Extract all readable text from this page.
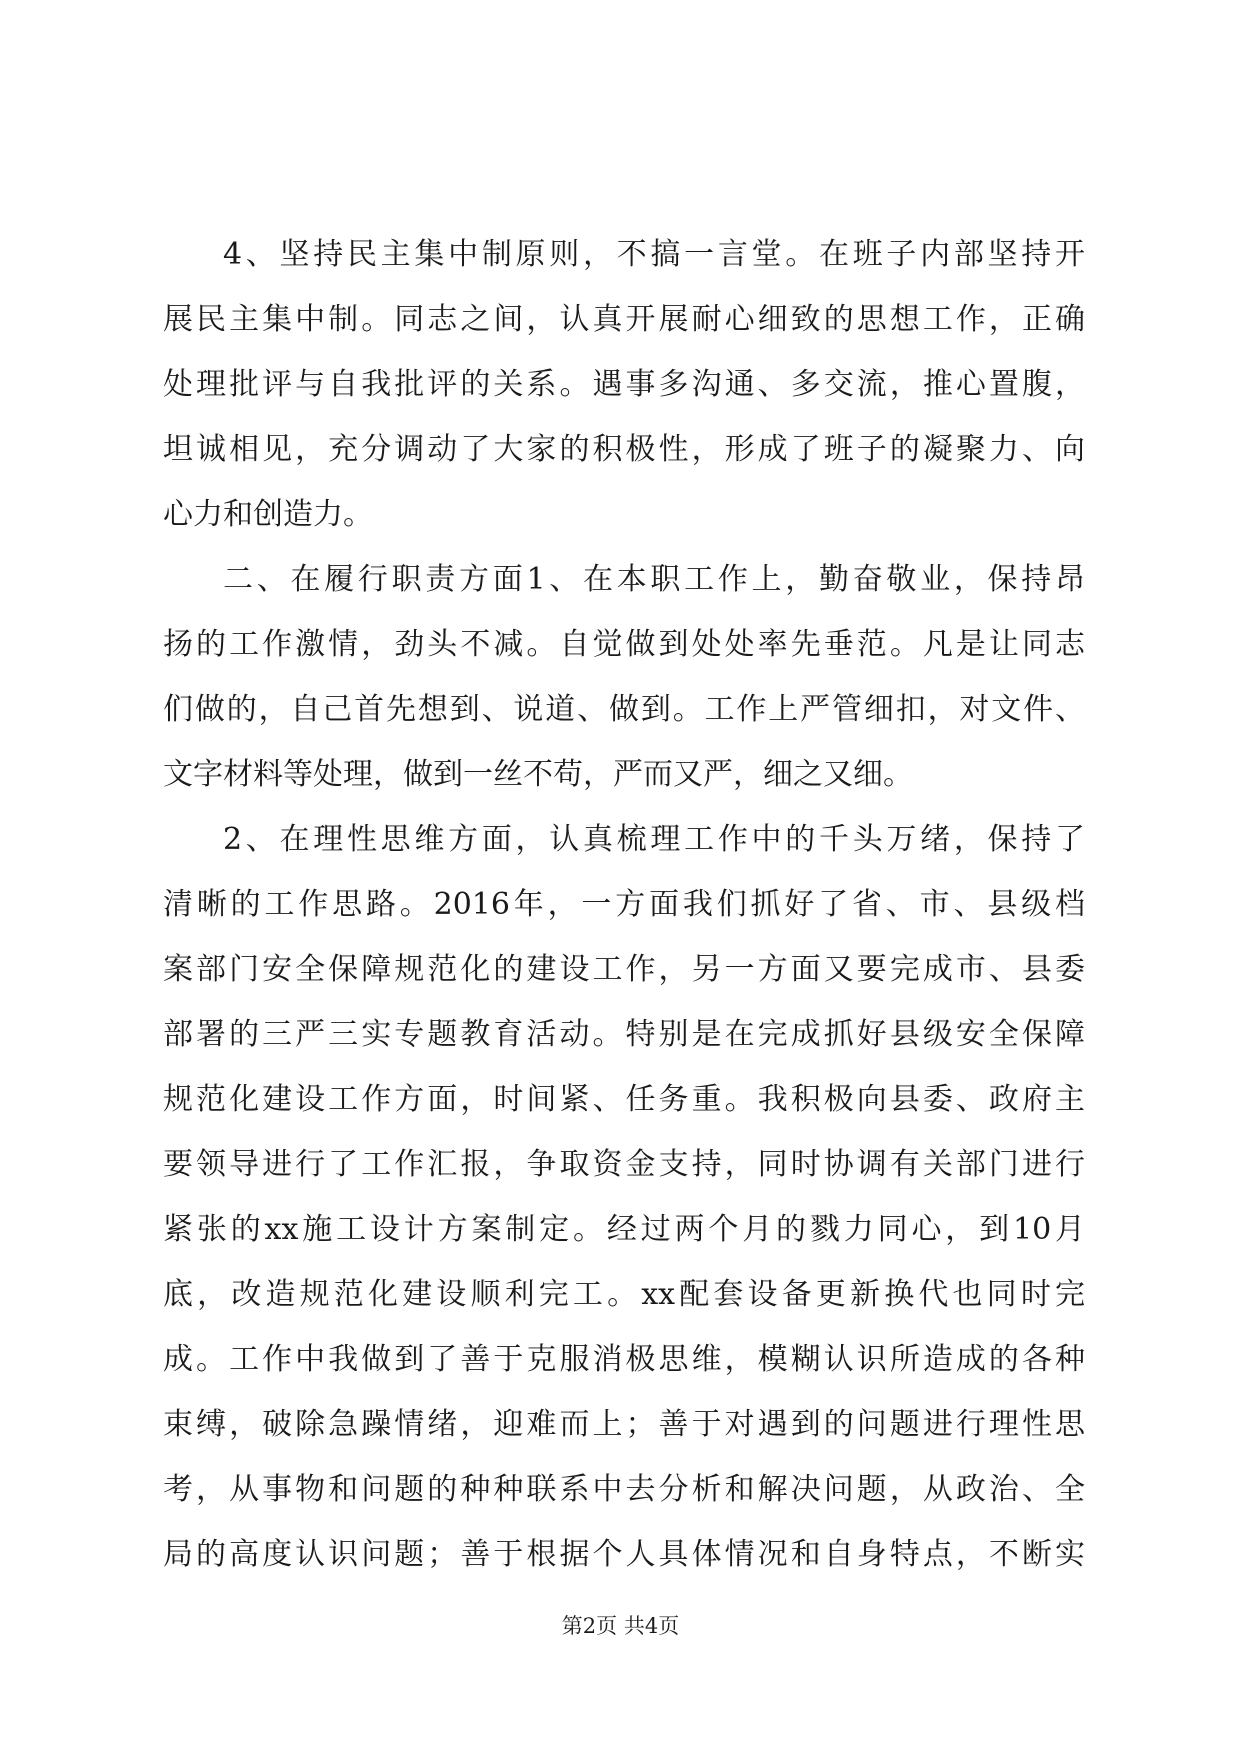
4、坚持民主集中制原则，不搞一言堂。在班子内部坚持开
展民主集中制。同志之间，认真开展耐心细致的思想工作，正确
处理批评与自我批评的关系。遇事多沟通、多交流，推心置腹，
坦诚相见，充分调动了大家的积极性，形成了班子的凝聚力、向
心力和创造力。
二、在履行职责方面1、在本职工作上，勤奋敬业，保持昂
扬的工作激情，劲头不减。自觉做到处处率先垂范。凡是让同志
们做的，自己首先想到、说道、做到。工作上严管细扣，对文件、
文字材料等处理，做到一丝不苟，严而又严，细之又细。
2、在理性思维方面，认真梳理工作中的千头万绪，保持了
清晰的工作思路。2016年，一方面我们抓好了省、市、县级档
案部门安全保障规范化的建设工作，另一方面又要完成市、县委
部署的三严三实专题教育活动。特别是在完成抓好县级安全保障
规范化建设工作方面，时间紧、任务重。我积极向县委、政府主
要领导进行了工作汇报，争取资金支持，同时协调有关部门进行
紧张的xx施工设计方案制定。经过两个月的戮力同心，到10月
底，改造规范化建设顺利完工。xx配套设备更新换代也同时完
成。工作中我做到了善于克服消极思维，模糊认识所造成的各种
束缚，破除急躁情绪，迎难而上；善于对遇到的问题进行理性思
考，从事物和问题的种种联系中去分析和解决问题，从政治、全
局的高度认识问题；善于根据个人具体情况和自身特点，不断实
第2页 共4页
